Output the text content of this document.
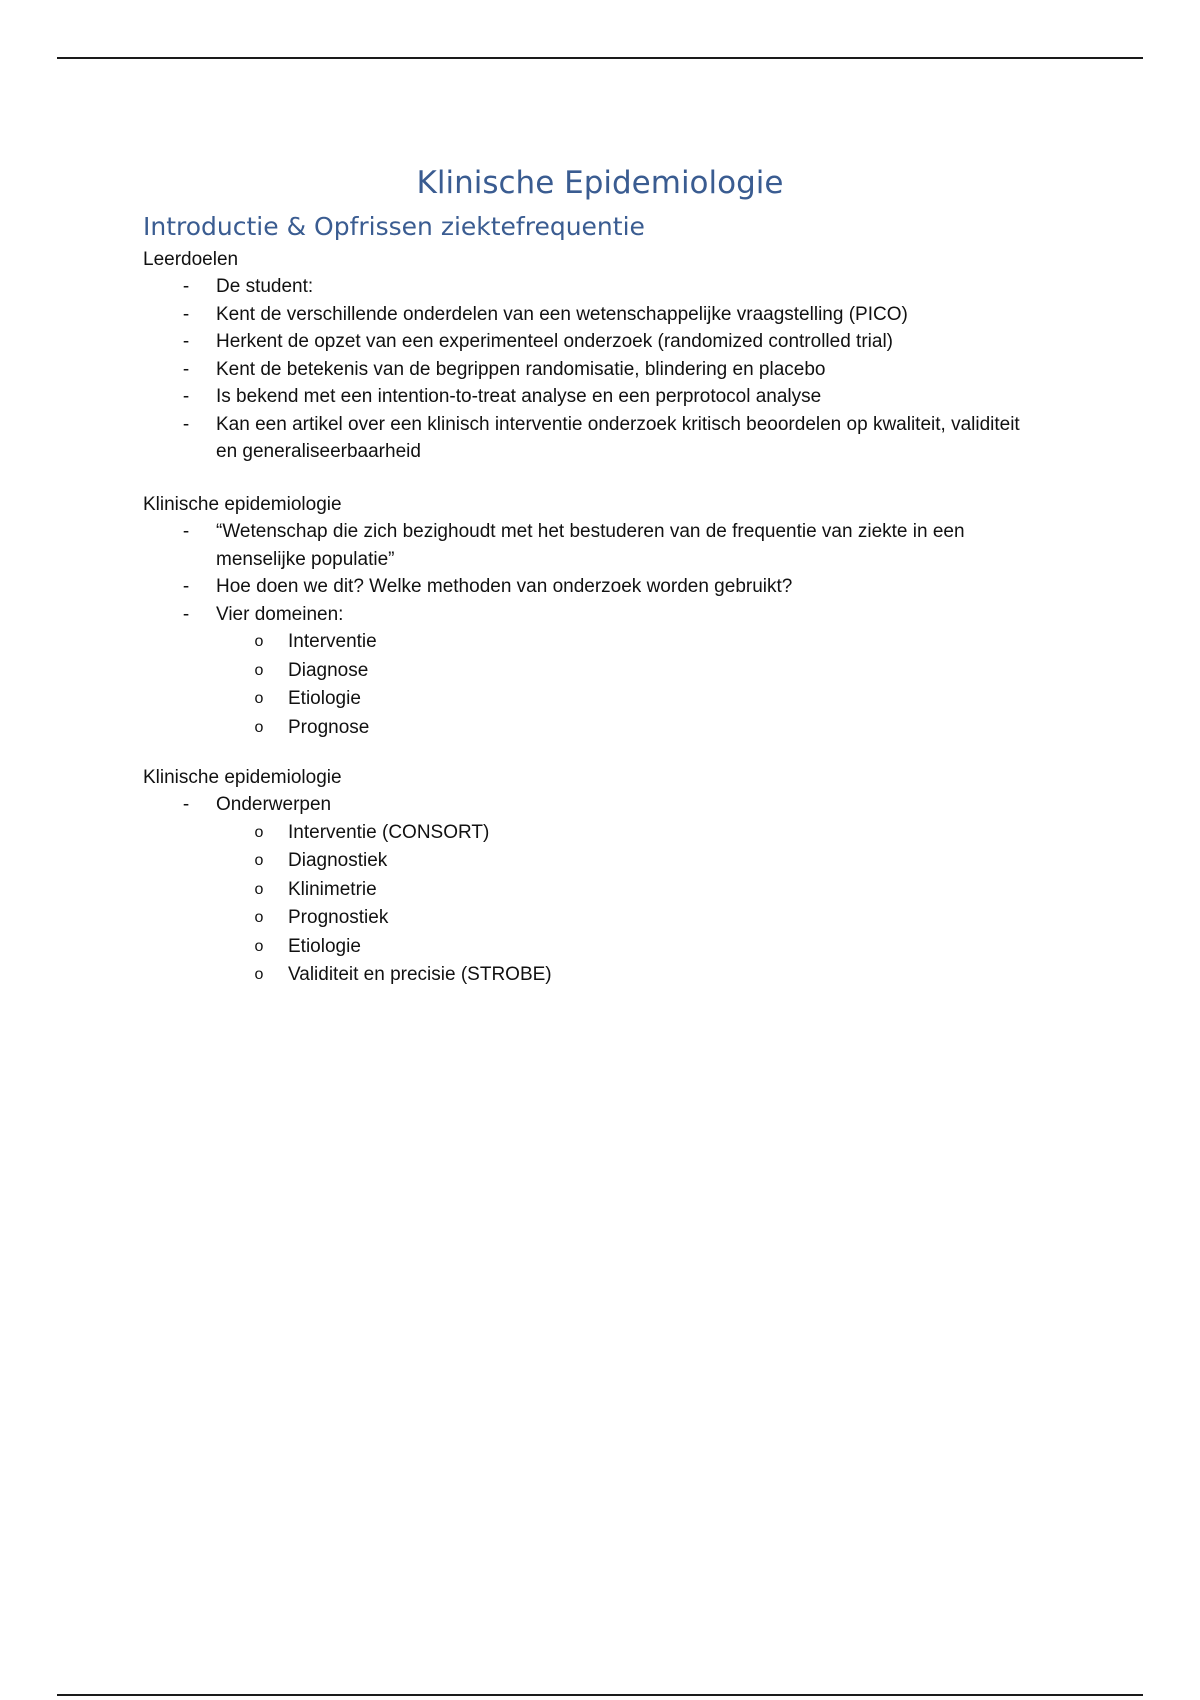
Klinische Epidemiologie
Introductie & Opfrissen ziektefrequentie

Leerdoelen

- De student:
- Kent de verschillende onderdelen van een wetenschappelijke vraagstelling (PICO)
- Herkent de opzet van een experimenteel onderzoek (randomized controlled trial)
- Kent de betekenis van de begrippen randomisatie, blindering en placebo
- Is bekend met een intention-to-treat analyse en een perprotocol analyse
- Kan een artikel over een klinisch interventie onderzoek kritisch beoordelen op kwaliteit, validiteit en generaliseerbaarheid

Klinische epidemiologie

- “Wetenschap die zich bezighoudt met het bestuderen van de frequentie van ziekte in een menselijke populatie”
- Hoe doen we dit? Welke methoden van onderzoek worden gebruikt?
- Vier domeinen:
o Interventie
o Diagnose
o Etiologie
o Prognose

Klinische epidemiologie

- Onderwerpen
o Interventie (CONSORT)
o Diagnostiek
o Klinimetrie
o Prognostiek
o Etiologie
o Validiteit en precisie (STROBE)
